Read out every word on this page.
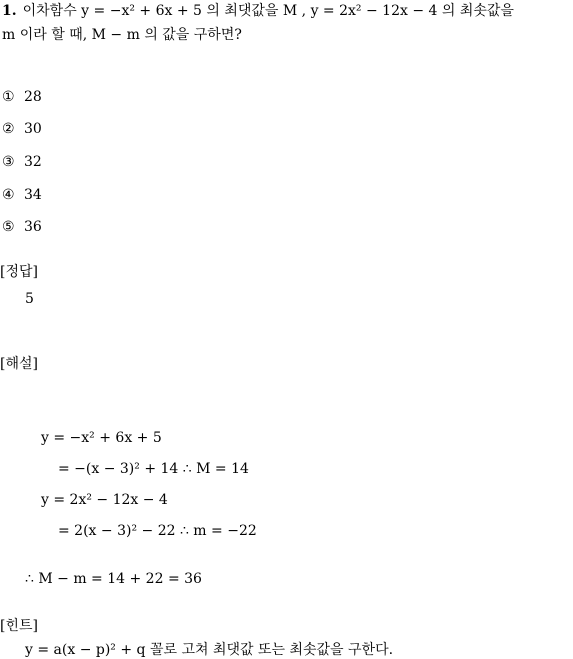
1. 이차함수 y = −x² + 6x + 5 의 최댓값을 M , y = 2x² − 12x − 4 의 최솟값을
m 이라 할 때, M − m 의 값을 구하면?
① 28
② 30
③ 32
④ 34
⑤ 36
[정답]
5
[해설]
y = −x² + 6x + 5
= −(x − 3)² + 14 ∴ M = 14
y = 2x² − 12x − 4
= 2(x − 3)² − 22 ∴ m = −22
∴ M − m = 14 + 22 = 36
[힌트]
y = a(x − p)² + q 꼴로 고쳐 최댓값 또는 최솟값을 구한다.
